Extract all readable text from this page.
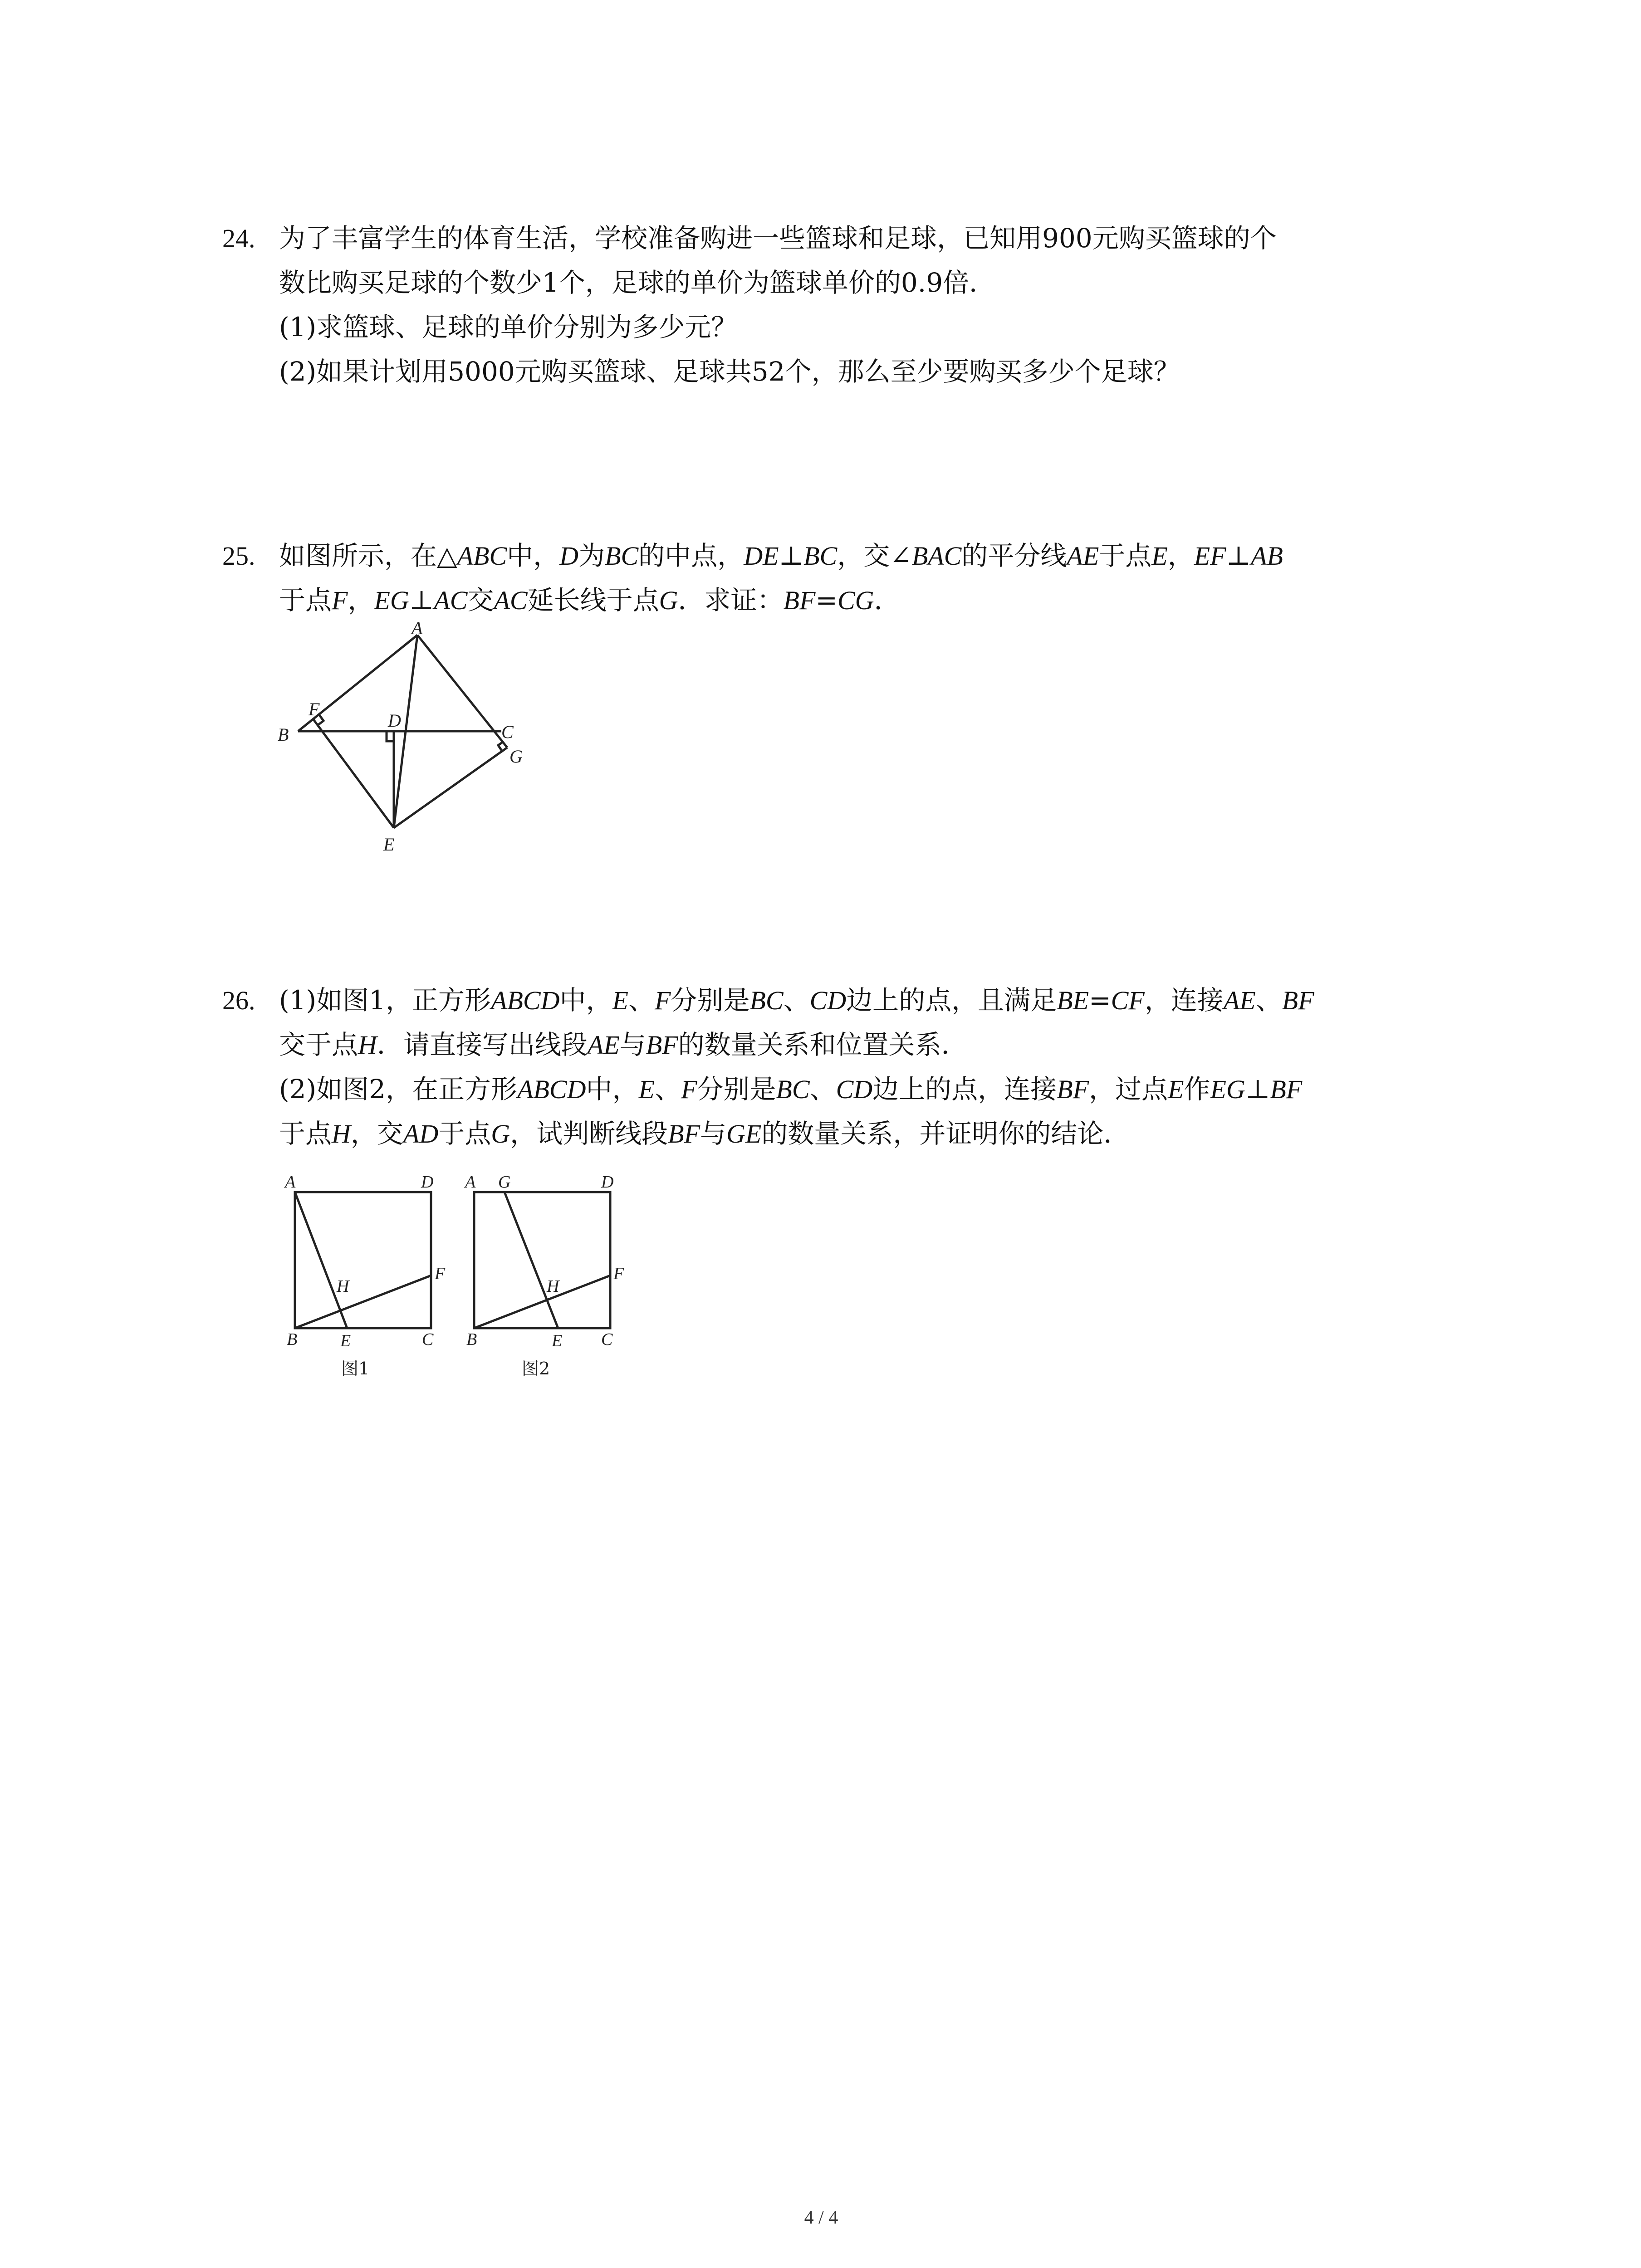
24. 为了丰富学生的体育生活，学校准备购进一些篮球和足球，已知用900元购买篮球的个
数比购买足球的个数少1个，足球的单价为篮球单价的0.9倍．
(1)求篮球、足球的单价分别为多少元？
(2)如果计划用5000元购买篮球、足球共52个，那么至少要购买多少个足球？
25. 如图所示，在△ABC中，D为BC的中点，DE⊥BC，交∠BAC的平分线AE于点E，EF⊥AB
于点F，EG⊥AC交AC延长线于点G．求证：BF=CG．
A
B	C
D
E
F
G
26. (1)如图1，正方形ABCD中，E、F分别是BC、CD边上的点，且满足BE=CF，连接AE、BF
交于点H．请直接写出线段AE与BF的数量关系和位置关系．
(2)如图2，在正方形ABCD中，E、F分别是BC、CD边上的点，连接BF，过点E作EG⊥BF
于点H，交AD于点G，试判断线段BF与GE的数量关系，并证明你的结论．
A	D
B E	C
F
H
图1
A G	D
B	E C
F
H
图2
4 / 4
